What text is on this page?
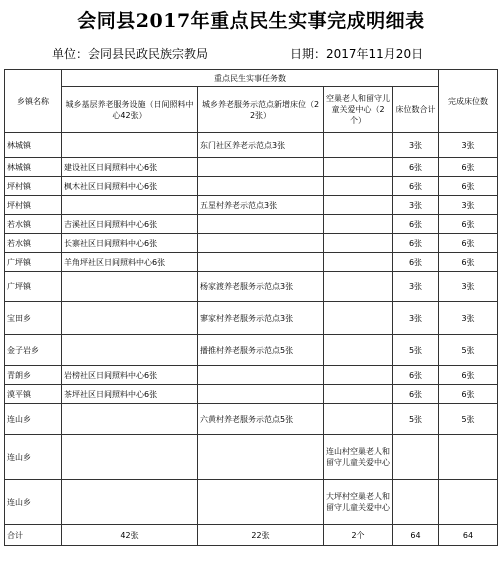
会同县2017年重点民生实事完成明细表
单位：会同县民政民族宗教局	日期：2017年11月20日
乡镇名称	重点民生实事任务数				完成床位数
	城乡基层养老服务设施（日间照料中心42张）	城乡养老服务示范点新增床位（22张）	空巢老人和留守儿童关爱中心（2个）	床位数合计	
林城镇		东门社区养老示范点3张		3张	3张
林城镇	建设社区日间照料中心6张			6张	6张
坪村镇	枫木社区日间照料中心6张			6张	6张
坪村镇		五星村养老示范点3张		3张	3张
若水镇	吉溪社区日间照料中心6张			6张	6张
若水镇	长寨社区日间照料中心6张			6张	6张
广坪镇	羊角坪社区日间照料中心6张			6张	6张
广坪镇		杨家渡养老服务示范点3张		3张	3张
宝田乡		寥家村养老服务示范点3张		3张	3张
金子岩乡		播推村养老服务示范点5张		5张	5张
青朗乡	岩榜社区日间照料中心6张			6张	6张
漠平镇	茶坪社区日间照料中心6张			6张	6张
连山乡		六黄村养老服务示范点5张		5张	5张
连山乡			连山村空巢老人和留守儿童关爱中心		
连山乡			大坪村空巢老人和留守儿童关爱中心		
合计	42张	22张	2个	64	64
